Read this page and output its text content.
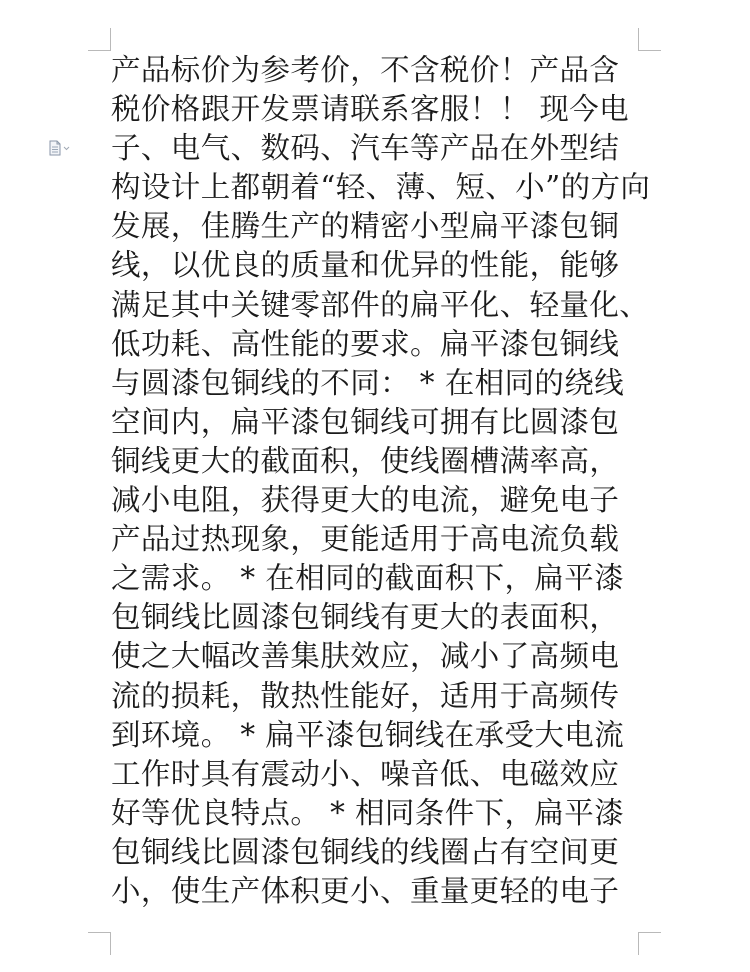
产品标价为参考价，不含税价！产品含
税价格跟开发票请联系客服！！ 现今电
子、电气、数码、汽车等产品在外型结
构设计上都朝着“轻、薄、短、小”的方向
发展，佳腾生产的精密小型扁平漆包铜
线，以优良的质量和优异的性能，能够
满足其中关键零部件的扁平化、轻量化、
低功耗、高性能的要求。扁平漆包铜线
与圆漆包铜线的不同： * 在相同的绕线
空间内，扁平漆包铜线可拥有比圆漆包
铜线更大的截面积，使线圈槽满率高，
减小电阻，获得更大的电流，避免电子
产品过热现象，更能适用于高电流负载
之需求。 * 在相同的截面积下，扁平漆
包铜线比圆漆包铜线有更大的表面积，
使之大幅改善集肤效应，减小了高频电
流的损耗，散热性能好，适用于高频传
到环境。 * 扁平漆包铜线在承受大电流
工作时具有震动小、噪音低、电磁效应
好等优良特点。 * 相同条件下，扁平漆
包铜线比圆漆包铜线的线圈占有空间更
小，使生产体积更小、重量更轻的电子
